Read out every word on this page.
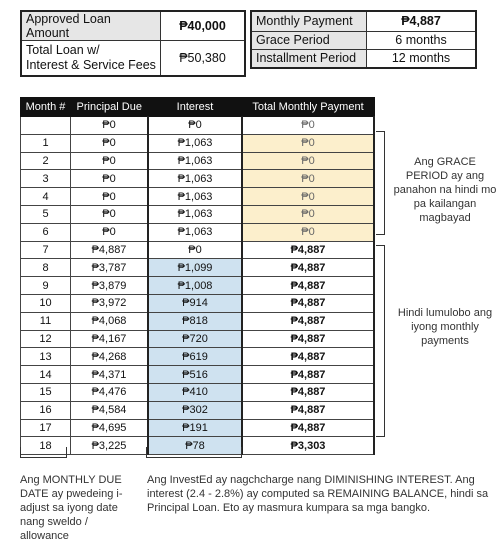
Approved Loan Amount	₱40,000

Total Loan w/
Interest & Service Fees	₱50,380
Monthly Payment	₱4,887
Grace Period	6 months
Installment Period	12 months
Month #	Principal Due	Interest	Total Monthly Payment
	₱0	₱0	₱0
1	₱0	₱1,063	₱0
2	₱0	₱1,063	₱0
3	₱0	₱1,063	₱0
4	₱0	₱1,063	₱0
5	₱0	₱1,063	₱0
6	₱0	₱1,063	₱0
7	₱4,887	₱0	₱4,887
8	₱3,787	₱1,099	₱4,887
9	₱3,879	₱1,008	₱4,887
10	₱3,972	₱914	₱4,887
11	₱4,068	₱818	₱4,887
12	₱4,167	₱720	₱4,887
13	₱4,268	₱619	₱4,887
14	₱4,371	₱516	₱4,887
15	₱4,476	₱410	₱4,887
16	₱4,584	₱302	₱4,887
17	₱4,695	₱191	₱4,887
18	₱3,225	₱78	₱3,303
Ang GRACE PERIOD ay ang panahon na hindi mo pa kailangan magbayad
Hindi lumulobo ang iyong monthly payments
Ang MONTHLY DUE DATE ay pwedeing i-adjust sa iyong date nang sweldo / allowance
Ang InvestEd ay nagchcharge nang DIMINISHING INTEREST. Ang interest (2.4 - 2.8%) ay computed sa REMAINING BALANCE, hindi sa Principal Loan. Eto ay masmura kumpara sa mga bangko.
